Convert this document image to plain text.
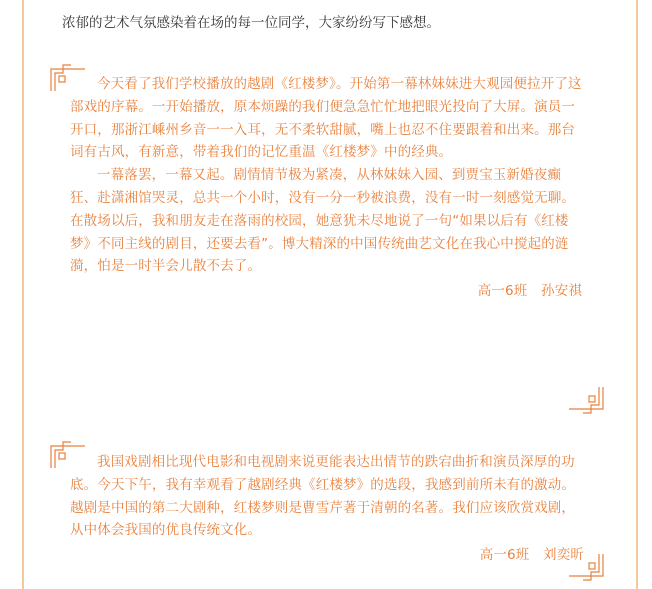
浓郁的艺术气氛感染着在场的每一位同学，大家纷纷写下感想。

今天看了我们学校播放的越剧《红楼梦》。开始第一幕林妹妹进大观园便拉开了这部戏的序幕。一开始播放，原本烦躁的我们便急急忙忙地把眼光投向了大屏。演员一开口，那浙江嵊州乡音一一入耳，无不柔软甜腻，嘴上也忍不住要跟着和出来。那台词有古风，有新意，带着我们的记忆重温《红楼梦》中的经典。

一幕落罢，一幕又起。剧情情节极为紧凑，从林妹妹入园、到贾宝玉新婚夜癫狂、赴潇湘馆哭灵，总共一个小时，没有一分一秒被浪费，没有一时一刻感觉无聊。在散场以后，我和朋友走在落雨的校园，她意犹未尽地说了一句“如果以后有《红楼梦》不同主线的剧目，还要去看”。博大精深的中国传统曲艺文化在我心中搅起的涟漪，怕是一时半会儿散不去了。

高一6班　孙安祺

我国戏剧相比现代电影和电视剧来说更能表达出情节的跌宕曲折和演员深厚的功底。今天下午，我有幸观看了越剧经典《红楼梦》的选段，我感到前所未有的激动。越剧是中国的第二大剧种，红楼梦则是曹雪芹著于清朝的名著。我们应该欣赏戏剧，从中体会我国的优良传统文化。

高一6班　刘奕昕
